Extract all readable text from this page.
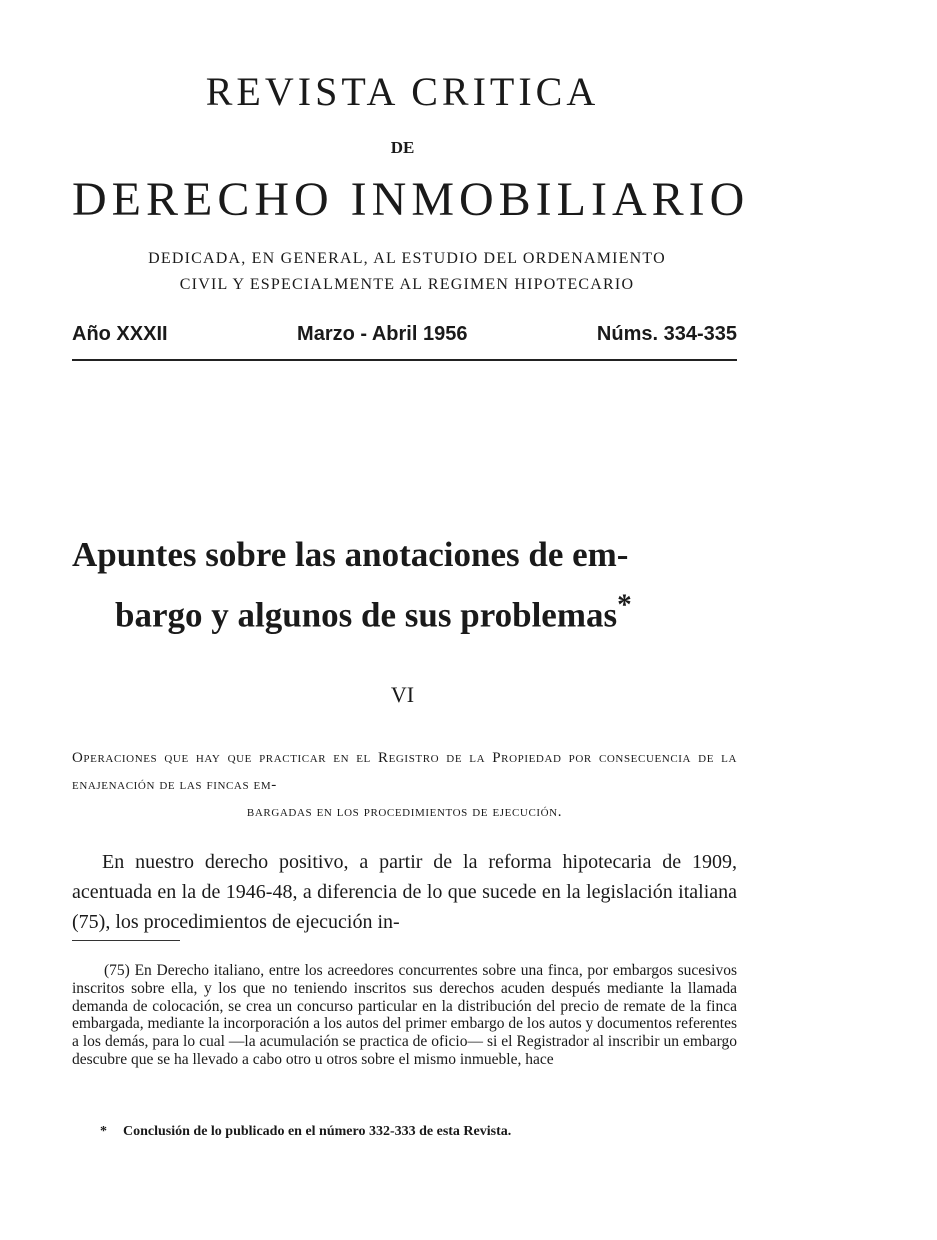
REVISTA CRITICA
DE
DERECHO INMOBILIARIO
DEDICADA, EN GENERAL, AL ESTUDIO DEL ORDENAMIENTO
CIVIL Y ESPECIALMENTE AL REGIMEN HIPOTECARIO
Año XXXII	Marzo - Abril 1956	Núms. 334-335
Apuntes sobre las anotaciones de em-
bargo y algunos de sus problemas*
VI
Operaciones que hay que practicar en el Registro de la Propiedad por consecuencia de la enajenación de las fincas em-
bargadas en los procedimientos de ejecución.

En nuestro derecho positivo, a partir de la reforma hipotecaria de 1909, acentuada en la de 1946-48, a diferencia de lo que sucede en la legislación italiana (75), los procedimientos de ejecución in-

(75) En Derecho italiano, entre los acreedores concurrentes sobre una finca, por embargos sucesivos inscritos sobre ella, y los que no teniendo inscritos sus derechos acuden después mediante la llamada demanda de colocación, se crea un concurso particular en la distribución del precio de remate de la finca embargada, mediante la incorporación a los autos del primer embargo de los autos y documentos referentes a los demás, para lo cual —la acumulación se practica de oficio— si el Registrador al inscribir un embargo descubre que se ha llevado a cabo otro u otros sobre el mismo inmueble, hace

* Conclusión de lo publicado en el número 332-333 de esta Revista.
